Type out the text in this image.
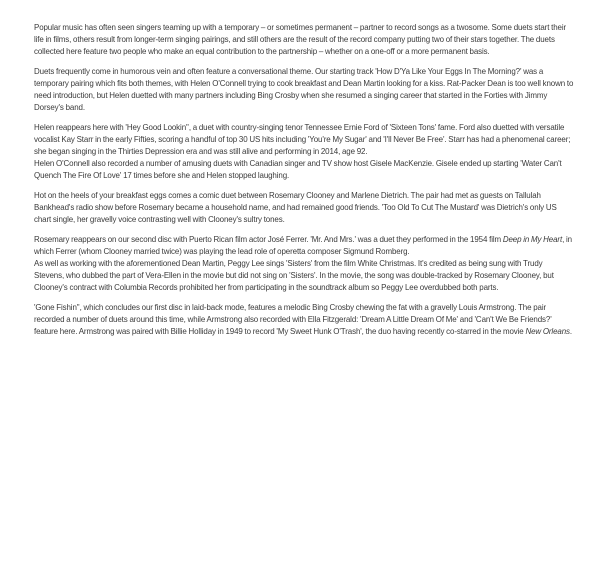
Popular music has often seen singers teaming up with a temporary – or sometimes permanent – partner to record songs as a twosome. Some duets start their life in films, others result from longer-term singing pairings, and still others are the result of the record company putting two of their stars together. The duets collected here feature two people who make an equal contribution to the partnership – whether on a one-off or a more permanent basis.

Duets frequently come in humorous vein and often feature a conversational theme. Our starting track 'How D'Ya Like Your Eggs In The Morning?' was a temporary pairing which fits both themes, with Helen O'Connell trying to cook breakfast and Dean Martin looking for a kiss. Rat-Packer Dean is too well known to need introduction, but Helen duetted with many partners including Bing Crosby when she resumed a singing career that started in the Forties with Jimmy Dorsey's band.

Helen reappears here with 'Hey Good Lookin'', a duet with country-singing tenor Tennessee Ernie Ford of 'Sixteen Tons' fame. Ford also duetted with versatile vocalist Kay Starr in the early Fifties, scoring a handful of top 30 US hits including 'You're My Sugar' and 'I'll Never Be Free'. Starr has had a phenomenal career; she began singing in the Thirties Depression era and was still alive and performing in 2014, age 92.

Helen O'Connell also recorded a number of amusing duets with Canadian singer and TV show host Gisele MacKenzie. Gisele ended up starting 'Water Can't Quench The Fire Of Love' 17 times before she and Helen stopped laughing.

Hot on the heels of your breakfast eggs comes a comic duet between Rosemary Clooney and Marlene Dietrich. The pair had met as guests on Tallulah Bankhead's radio show before Rosemary became a household name, and had remained good friends. 'Too Old To Cut The Mustard' was Dietrich's only US chart single, her gravelly voice contrasting well with Clooney's sultry tones.

Rosemary reappears on our second disc with Puerto Rican film actor José Ferrer. 'Mr. And Mrs.' was a duet they performed in the 1954 film Deep in My Heart, in which Ferrer (whom Clooney married twice) was playing the lead role of operetta composer Sigmund Romberg.

As well as working with the aforementioned Dean Martin, Peggy Lee sings 'Sisters' from the film White Christmas. It's credited as being sung with Trudy Stevens, who dubbed the part of Vera-Ellen in the movie but did not sing on 'Sisters'. In the movie, the song was double-tracked by Rosemary Clooney, but Clooney's contract with Columbia Records prohibited her from participating in the soundtrack album so Peggy Lee overdubbed both parts.

'Gone Fishin'', which concludes our first disc in laid-back mode, features a melodic Bing Crosby chewing the fat with a gravelly Louis Armstrong. The pair recorded a number of duets around this time, while Armstrong also recorded with Ella Fitzgerald: 'Dream A Little Dream Of Me' and 'Can't We Be Friends?' feature here. Armstrong was paired with Billie Holliday in 1949 to record 'My Sweet Hunk O'Trash', the duo having recently co-starred in the movie New Orleans.
